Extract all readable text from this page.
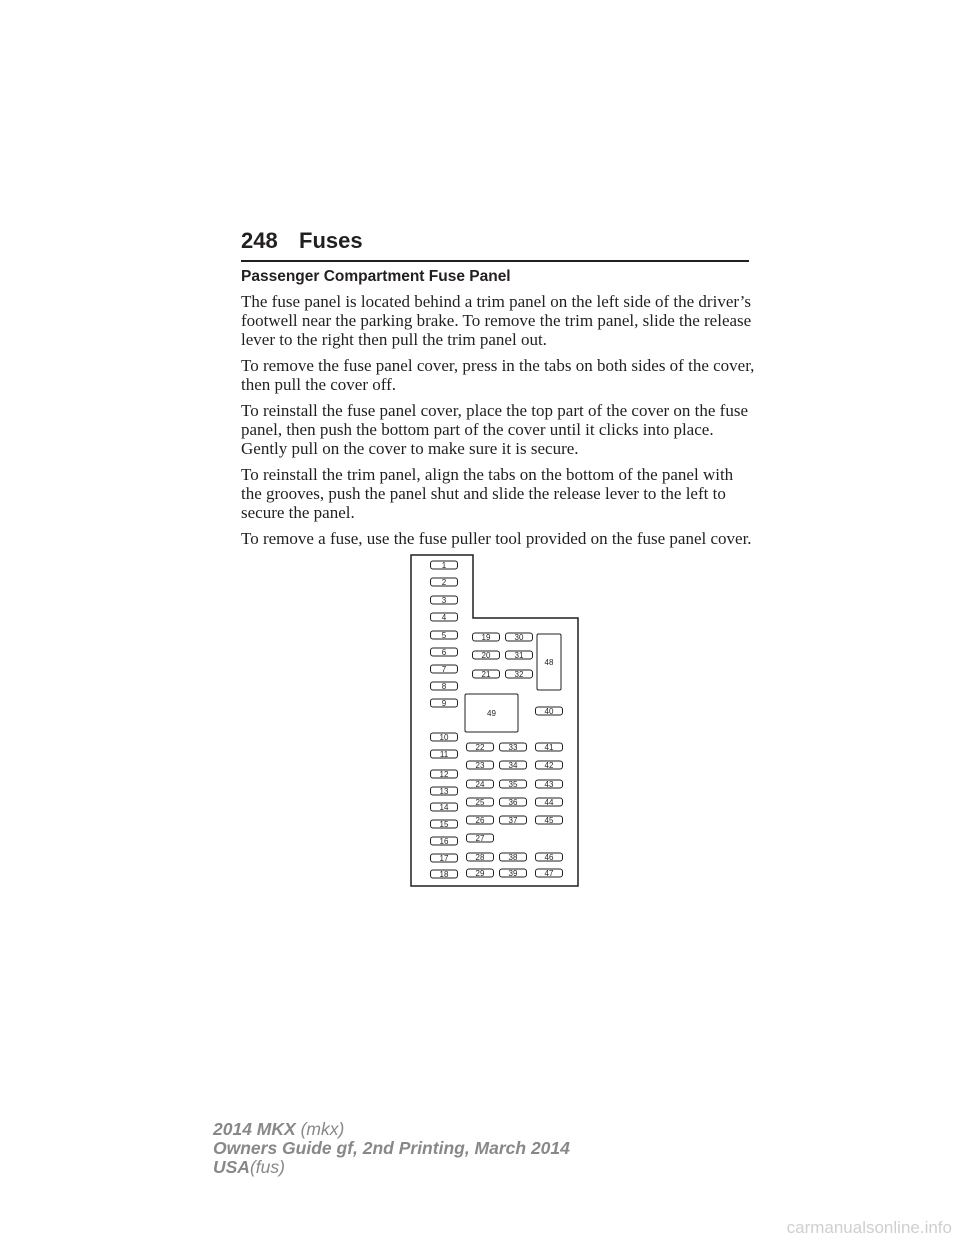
248 Fuses
Passenger Compartment Fuse Panel

The fuse panel is located behind a trim panel on the left side of the driver’s footwell near the parking brake. To remove the trim panel, slide the release lever to the right then pull the trim panel out.

To remove the fuse panel cover, press in the tabs on both sides of the cover, then pull the cover off.

To reinstall the fuse panel cover, place the top part of the cover on the fuse panel, then push the bottom part of the cover until it clicks into place. Gently pull on the cover to make sure it is secure.

To reinstall the trim panel, align the tabs on the bottom of the panel with the grooves, push the panel shut and slide the release lever to the left to secure the panel.

To remove a fuse, use the fuse puller tool provided on the fuse panel cover.

1
2
3
4
5
6
7
8
9
10
11
12
13
14
15
16
17
18
19
20
21
22
23
24
25
26
27
28
29
30
31
32
33
34
35
36
37
38
39
40
41
42
43
44
45
46
47
48
49
2014 MKX (mkx)
Owners Guide gf, 2nd Printing, March 2014
USA(fus)
carmanualsonline.info
